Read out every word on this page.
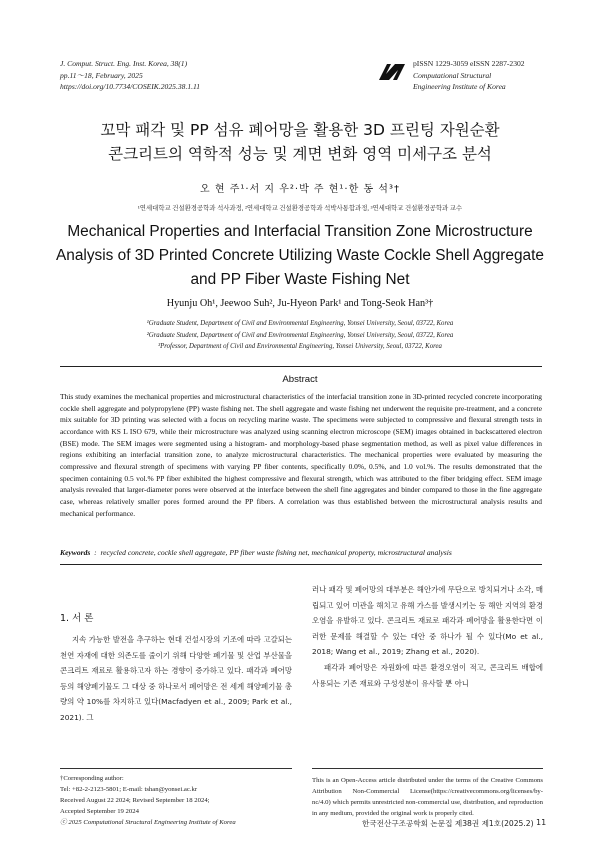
J. Comput. Struct. Eng. Inst. Korea, 38(1)
pp.11～18, February, 2025
https://doi.org/10.7734/COSEIK.2025.38.1.11
pISSN 1229-3059 eISSN 2287-2302
Computational Structural
Engineering Institute of Korea
꼬막 패각 및 PP 섬유 폐어망을 활용한 3D 프린팅 자원순환
콘크리트의 역학적 성능 및 계면 변화 영역 미세구조 분석
오 현 주¹·서 지 우²·박 주 현¹·한 동 석³†
¹연세대학교 건설환경공학과 석사과정, ²연세대학교 건설환경공학과 석박사통합과정, ³연세대학교 건설환경공학과 교수
Mechanical Properties and Interfacial Transition Zone Microstructure
Analysis of 3D Printed Concrete Utilizing Waste Cockle Shell Aggregate
and PP Fiber Waste Fishing Net
Hyunju Oh¹, Jeewoo Suh², Ju-Hyeon Park¹ and Tong-Seok Han³†
¹Graduate Student, Department of Civil and Environmental Engineering, Yonsei University, Seoul, 03722, Korea
²Graduate Student, Department of Civil and Environmental Engineering, Yonsei University, Seoul, 03722, Korea
³Professor, Department of Civil and Environmental Engineering, Yonsei University, Seoul, 03722, Korea
Abstract
This study examines the mechanical properties and microstructural characteristics of the interfacial transition zone in 3D-printed recycled concrete incorporating cockle shell aggregate and polypropylene (PP) waste fishing net. The shell aggregate and waste fishing net underwent the requisite pre-treatment, and a concrete mix suitable for 3D printing was selected with a focus on recycling marine waste. The specimens were subjected to compressive and flexural strength tests in accordance with KS L ISO 679, while their microstructure was analyzed using scanning electron microscope (SEM) images obtained in backscattered electron (BSE) mode. The SEM images were segmented using a histogram- and morphology-based phase segmentation method, as well as pixel value differences in regions exhibiting an interfacial transition zone, to analyze microstructural characteristics. The mechanical properties were evaluated by measuring the compressive and flexural strength of specimens with varying PP fiber contents, specifically 0.0%, 0.5%, and 1.0 vol.%. The results demonstrated that the specimen containing 0.5 vol.% PP fiber exhibited the highest compressive and flexural strength, which was attributed to the fiber bridging effect. SEM image analysis revealed that larger-diameter pores were observed at the interface between the shell fine aggregates and binder compared to those in the fine aggregate case, whereas relatively smaller pores formed around the PP fibers. A correlation was thus established between the microstructural analysis results and mechanical performance.
Keywords  :  recycled concrete, cockle shell aggregate, PP fiber waste fishing net, mechanical property, microstructural analysis
1. 서 론

지속 가능한 발전을 추구하는 현대 건설시장의 기조에 따라 고갈되는 천연 자재에 대한 의존도를 줄이기 위해 다양한 폐기물 및 산업 부산물을 콘크리트 재료로 활용하고자 하는 경향이 증가하고 있다. 패각과 폐어망 등의 해양폐기물도 그 대상 중 하나로서 폐어망은 전 세계 해양폐기물 총량의 약 10%를 차지하고 있다(Macfadyen et al., 2009; Park et al., 2021). 그

러나 패각 및 폐어망의 대부분은 해안가에 무단으로 방치되거나 소각, 매립되고 있어 미관을 해치고 유해 가스를 발생시키는 등 해안 지역의 환경오염을 유발하고 있다. 콘크리트 재료로 패각과 폐어망을 활용한다면 이러한 문제를 해결할 수 있는 대안 중 하나가 될 수 있다(Mo et al., 2018; Wang et al., 2019; Zhang et al., 2020).

패각과 폐어망은 자원화에 따른 환경오염이 적고, 콘크리트 배합에 사용되는 기존 재료와 구성성분이 유사할 뿐 아니

†Corresponding author:
Tel: +82-2-2123-5801; E-mail: tshan@yonsei.ac.kr
Received August 22 2024; Revised September 18 2024;
Accepted September 19 2024
ⓒ 2025 Computational Structural Engineering Institute of Korea
This is an Open-Access article distributed under the terms of the Creative Commons Attribution Non-Commercial License(https://creativecommons.org/licenses/by-nc/4.0) which permits unrestricted non-commercial use, distribution, and reproduction in any medium, provided the original work is properly cited.
한국전산구조공학회 논문집 제38권 제1호(2025.2) 11
